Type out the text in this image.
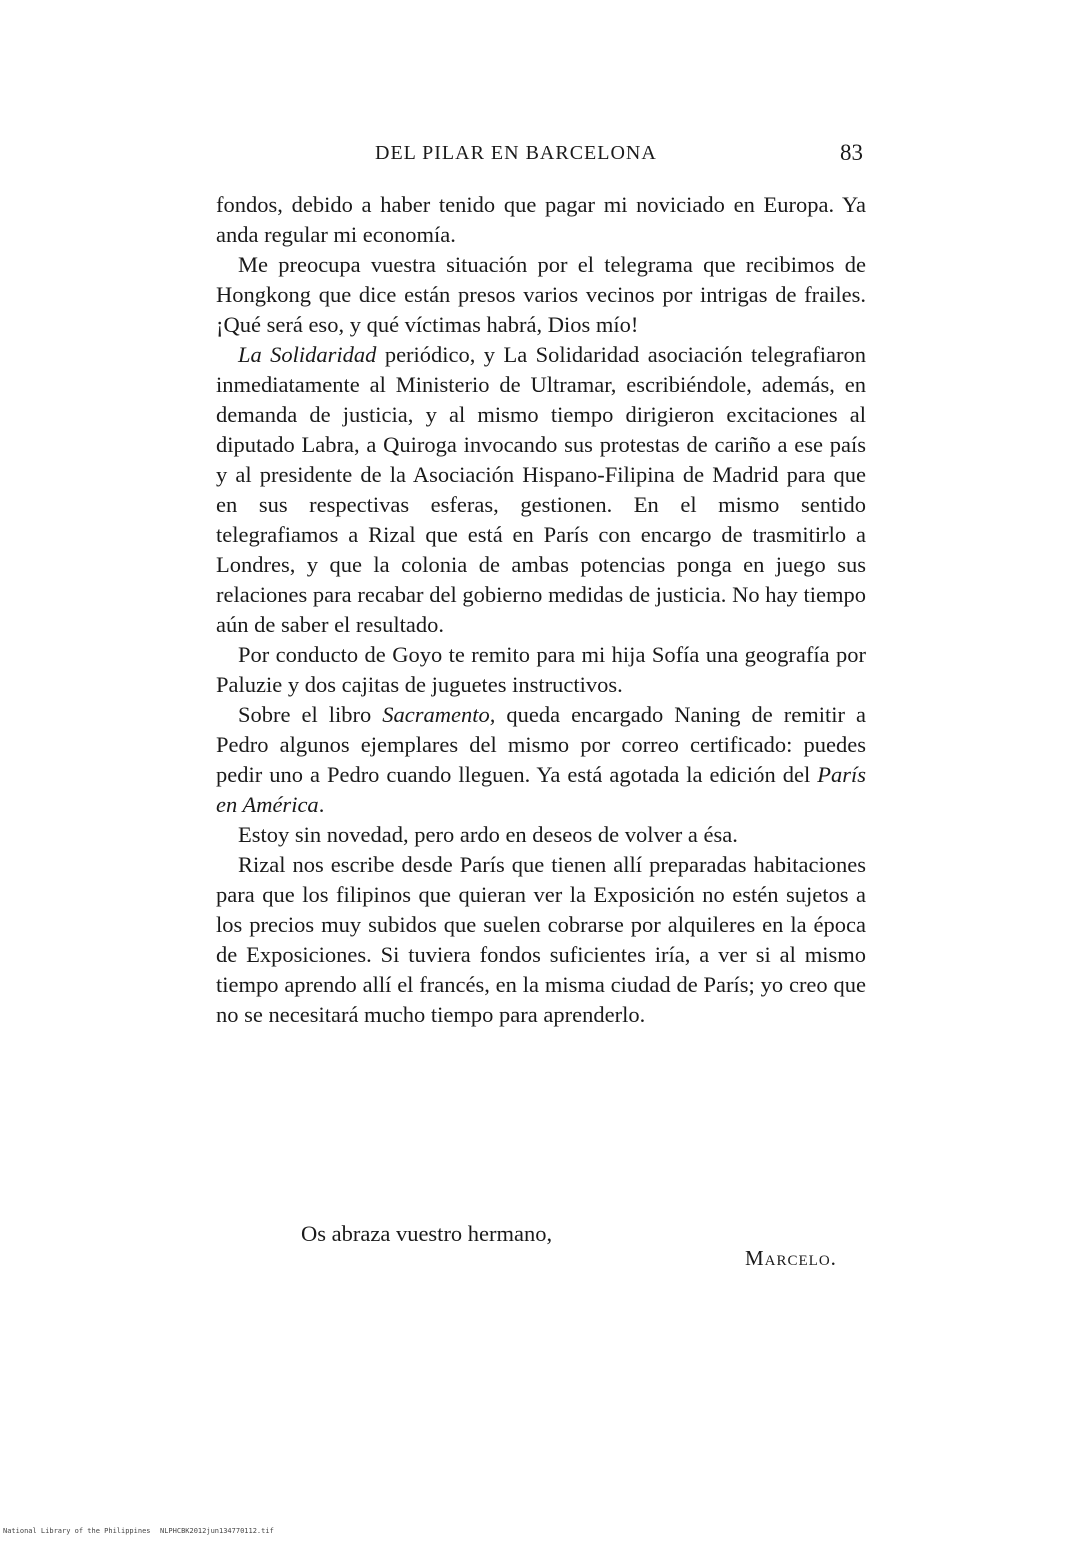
DEL PILAR EN BARCELONA	83

fondos, debido a haber tenido que pagar mi noviciado en Europa. Ya anda regular mi economía.

Me preocupa vuestra situación por el telegrama que recibimos de Hongkong que dice están presos varios vecinos por intrigas de frailes. ¡Qué será eso, y qué víctimas habrá, Dios mío!

La Solidaridad periódico, y La Solidaridad asociación telegrafiaron inmediatamente al Ministerio de Ultramar, escribiéndole, además, en demanda de justicia, y al mismo tiempo dirigieron excitaciones al diputado Labra, a Quiroga invocando sus protestas de cariño a ese país y al presidente de la Asociación Hispano-Filipina de Madrid para que en sus respectivas esferas, gestionen. En el mismo sentido telegrafiamos a Rizal que está en París con encargo de trasmitirlo a Londres, y que la colonia de ambas potencias ponga en juego sus relaciones para recabar del gobierno medidas de justicia. No hay tiempo aún de saber el resultado.

Por conducto de Goyo te remito para mi hija Sofía una geografía por Paluzie y dos cajitas de juguetes instructivos.

Sobre el libro Sacramento, queda encargado Naning de remitir a Pedro algunos ejemplares del mismo por correo certificado: puedes pedir uno a Pedro cuando lleguen. Ya está agotada la edición del París en América.

Estoy sin novedad, pero ardo en deseos de volver a ésa.

Rizal nos escribe desde París que tienen allí preparadas habitaciones para que los filipinos que quieran ver la Exposición no estén sujetos a los precios muy subidos que suelen cobrarse por alquileres en la época de Exposiciones. Si tuviera fondos suficientes iría, a ver si al mismo tiempo aprendo allí el francés, en la misma ciudad de París; yo creo que no se necesitará mucho tiempo para aprenderlo.

Os abraza vuestro hermano,
Marcelo.
National Library of the Philippines NLPHCBK2012jun134770112.tif
